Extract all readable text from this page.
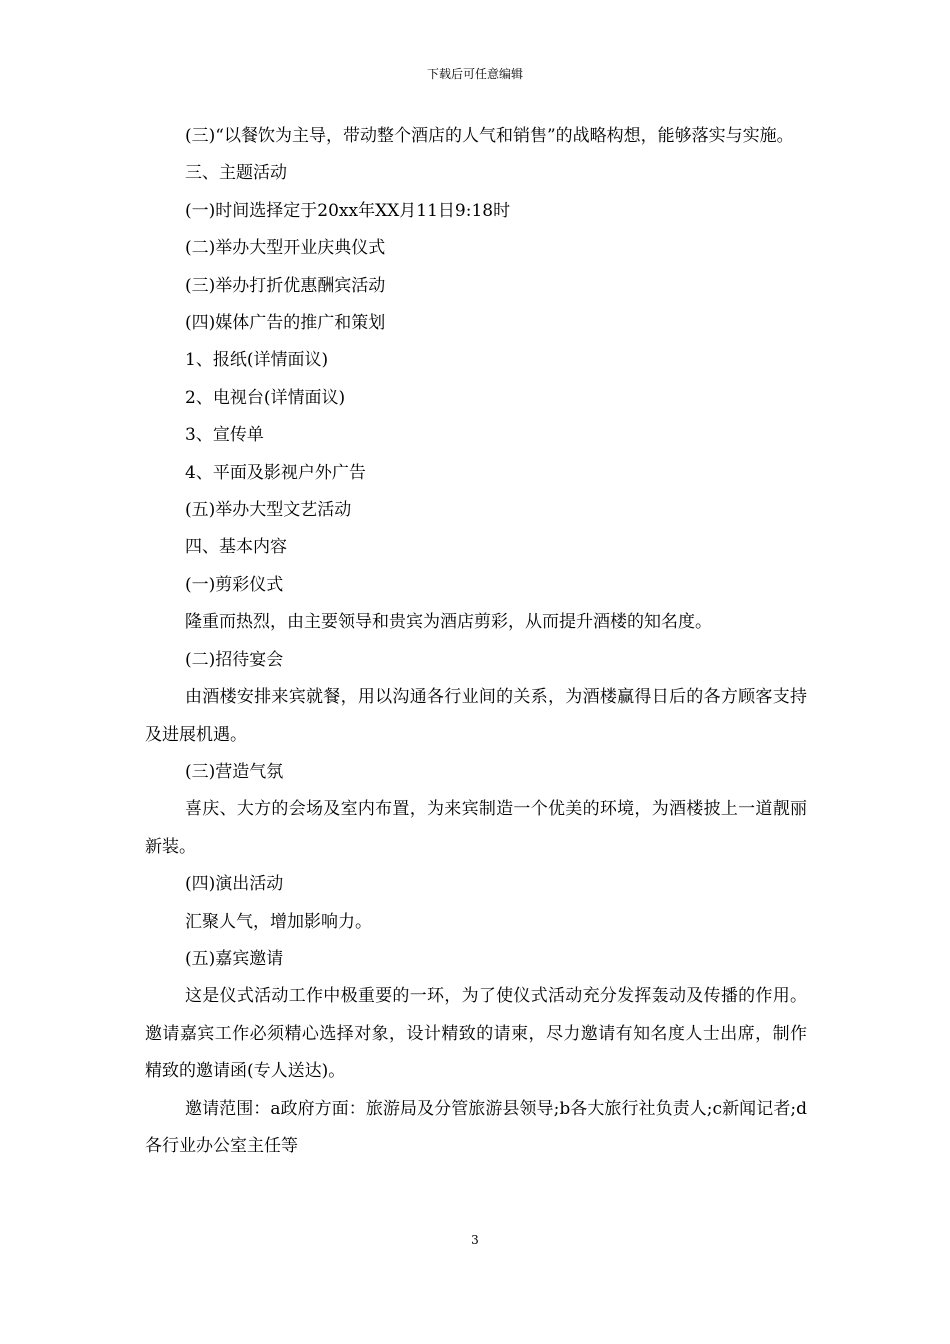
下载后可任意编辑

(三)“以餐饮为主导，带动整个酒店的人气和销售”的战略构想，能够落实与实施。

三、主题活动

(一)时间选择定于20xx年XX月11日9:18时

(二)举办大型开业庆典仪式

(三)举办打折优惠酬宾活动

(四)媒体广告的推广和策划

1、报纸(详情面议)

2、电视台(详情面议)

3、宣传单

4、平面及影视户外广告

(五)举办大型文艺活动

四、基本内容

(一)剪彩仪式

隆重而热烈，由主要领导和贵宾为酒店剪彩，从而提升酒楼的知名度。

(二)招待宴会

由酒楼安排来宾就餐，用以沟通各行业间的关系，为酒楼赢得日后的各方顾客支持及进展机遇。

(三)营造气氛

喜庆、大方的会场及室内布置，为来宾制造一个优美的环境，为酒楼披上一道靓丽新装。

(四)演出活动

汇聚人气，增加影响力。

(五)嘉宾邀请

这是仪式活动工作中极重要的一环，为了使仪式活动充分发挥轰动及传播的作用。邀请嘉宾工作必须精心选择对象，设计精致的请柬，尽力邀请有知名度人士出席，制作精致的邀请函(专人送达)。

邀请范围：a政府方面：旅游局及分管旅游县领导;b各大旅行社负责人;c新闻记者;d各行业办公室主任等

3
